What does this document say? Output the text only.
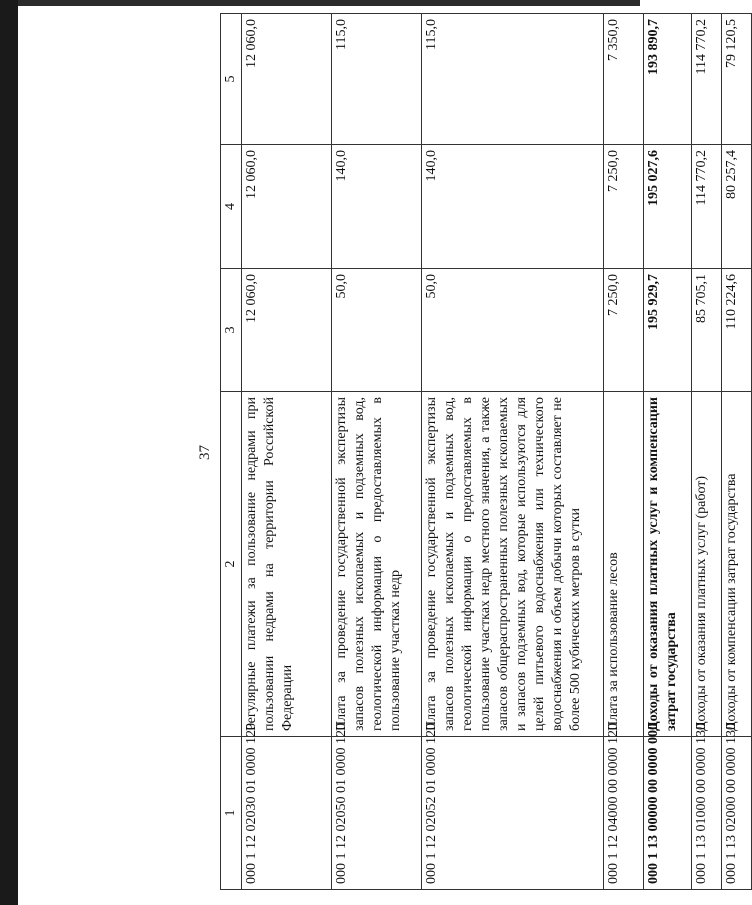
37
1	2	3	4	5
000 1 12 02030 01 0000 120	Регулярные платежи за пользование недрами при пользовании недрами на территории Российской Федерации	12 060,0	12 060,0	12 060,0
000 1 12 02050 01 0000 120	Плата за проведение государственной экспертизы запасов полезных ископаемых и подземных вод, геологической информации о предоставляемых в пользование участках недр	50,0	140,0	115,0
000 1 12 02052 01 0000 120	Плата за проведение государственной экспертизы запасов полезных ископаемых и подземных вод, геологической информации о предоставляемых в пользование участках недр местного значения, а также запасов общераспространенных полезных ископаемых и запасов подземных вод, которые используются для целей питьевого водоснабжения или технического водоснабжения и объем добычи которых составляет не более 500 кубических метров в сутки	50,0	140,0	115,0
000 1 12 04000 00 0000 120	Плата за использование лесов	7 250,0	7 250,0	7 350,0
000 1 13 00000 00 0000 000	Доходы от оказания платных услуг и компенсации затрат государства	195 929,7	195 027,6	193 890,7
000 1 13 01000 00 0000 130	Доходы от оказания платных услуг (работ)	85 705,1	114 770,2	114 770,2
000 1 13 02000 00 0000 130	Доходы от компенсации затрат государства	110 224,6	80 257,4	79 120,5
